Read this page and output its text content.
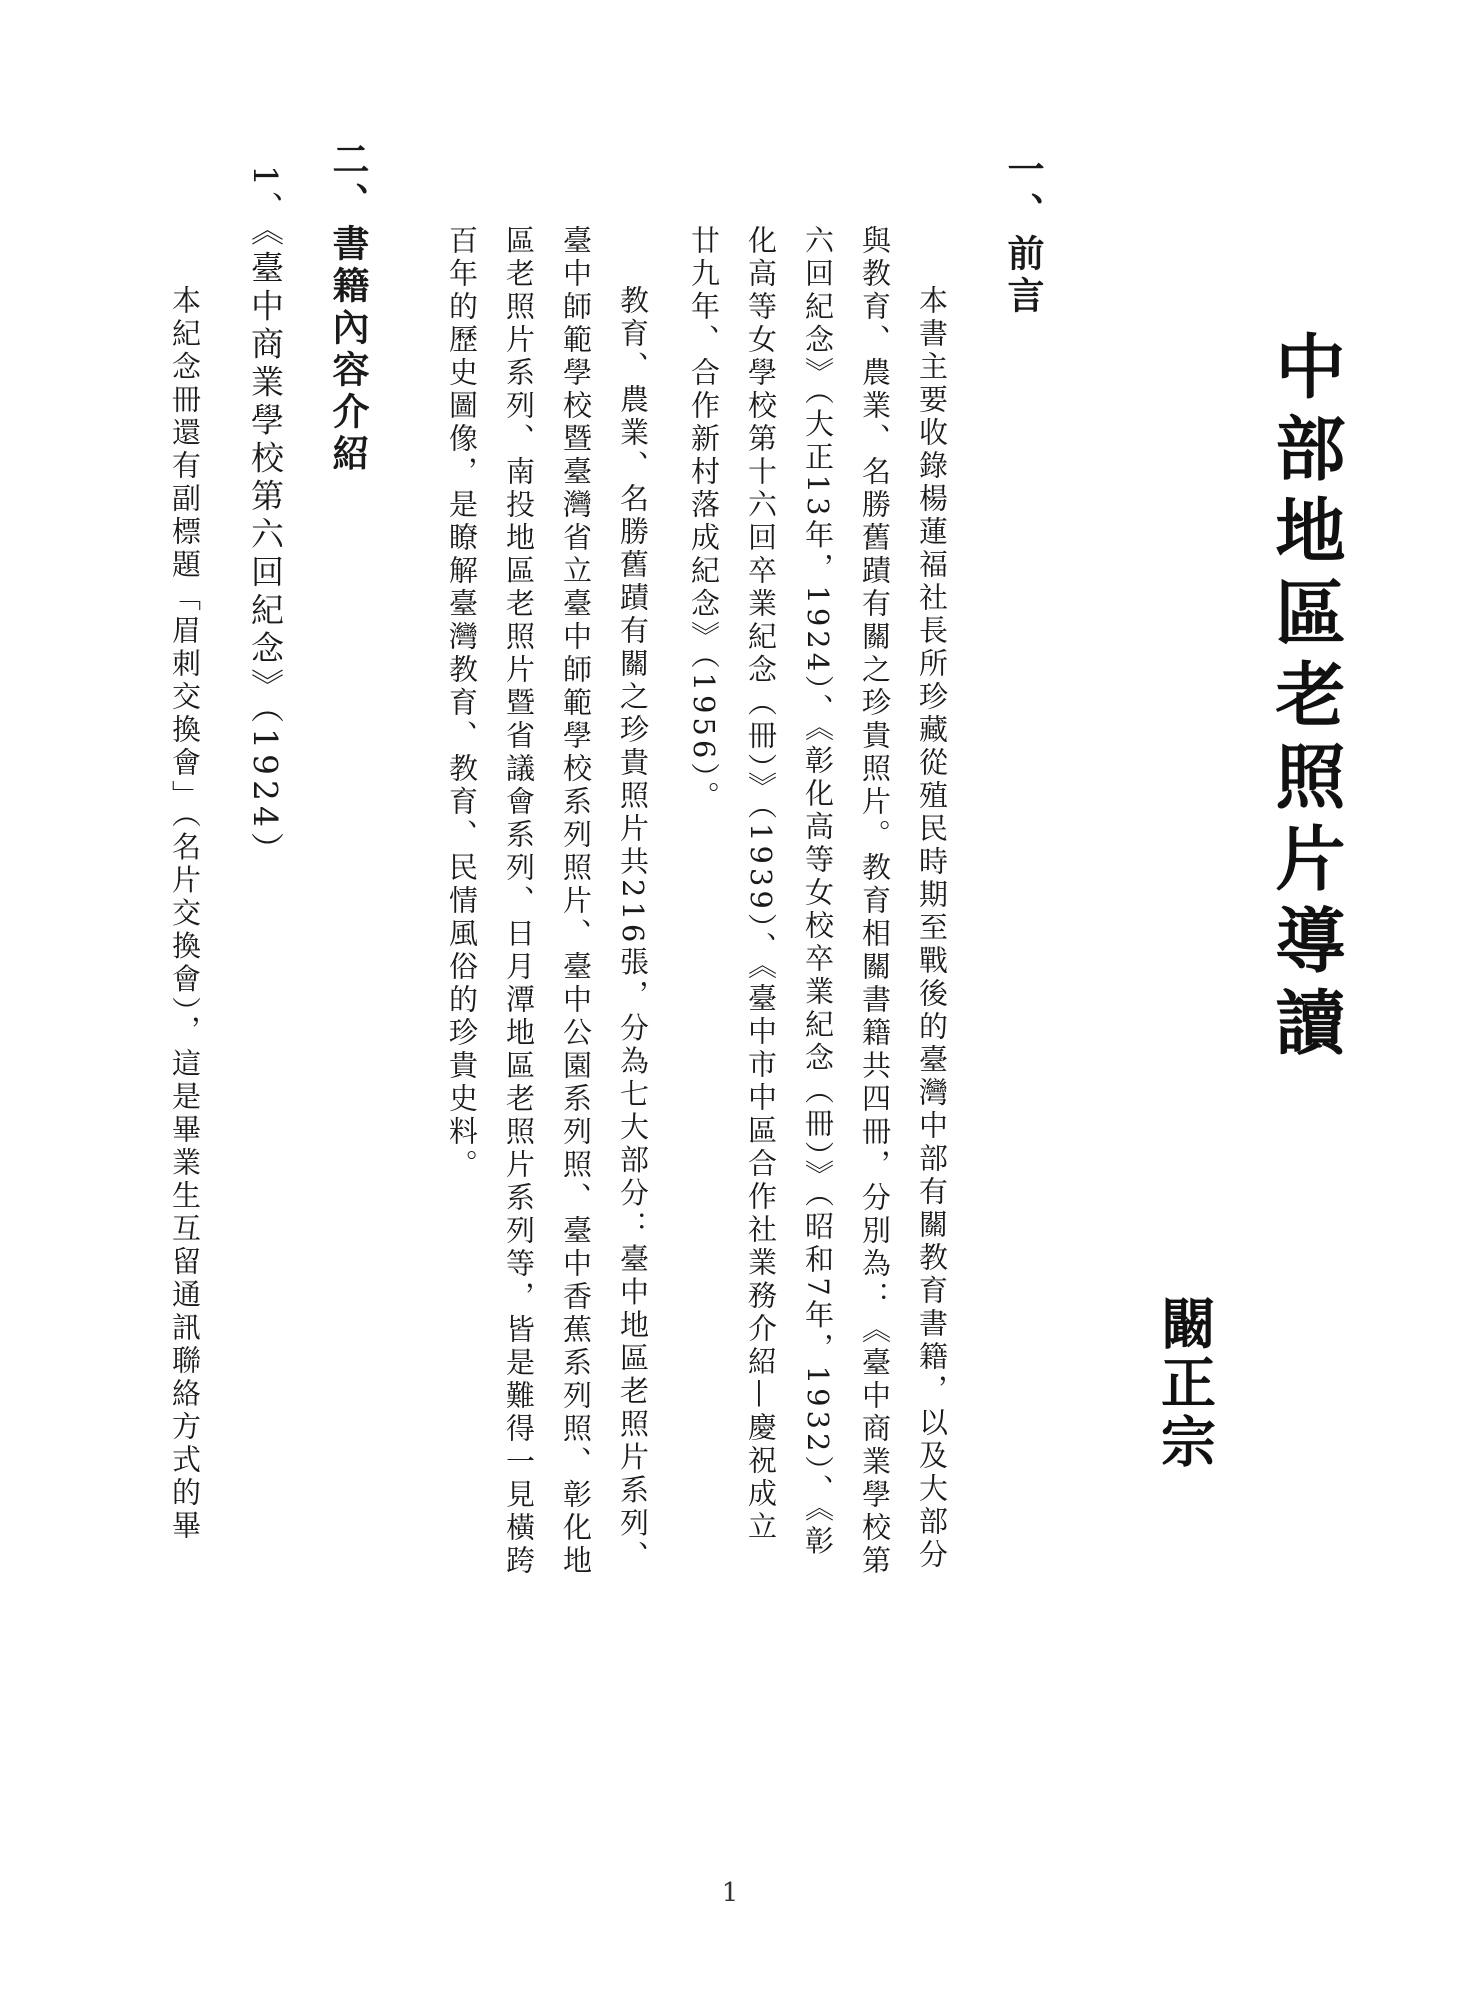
中部地區老照片導讀
闞正宗
一、前言
本書主要收錄楊蓮福社長所珍藏從殖民時期至戰後的臺灣中部有關教育書籍，以及大部分
與教育、農業、名勝舊蹟有關之珍貴照片。教育相關書籍共四冊，分別為：《臺中商業學校第
六回紀念》（大正13年，1924）、《彰化高等女校卒業紀念（冊）》（昭和7年，1932）、《彰
化高等女學校第十六回卒業紀念（冊）》（1939）、《臺中市中區合作社業務介紹—慶祝成立
廿九年、合作新村落成紀念》（1956）。
教育、農業、名勝舊蹟有關之珍貴照片共216張，分為七大部分：臺中地區老照片系列、
臺中師範學校暨臺灣省立臺中師範學校系列照片、臺中公園系列照、臺中香蕉系列照、彰化地
區老照片系列、南投地區老照片暨省議會系列、日月潭地區老照片系列等，皆是難得一見橫跨
百年的歷史圖像，是瞭解臺灣教育、教育、民情風俗的珍貴史料。
二、書籍內容介紹
1、《臺中商業學校第六回紀念》（1924）
本紀念冊還有副標題「眉刺交換會」（名片交換會），這是畢業生互留通訊聯絡方式的畢
1
